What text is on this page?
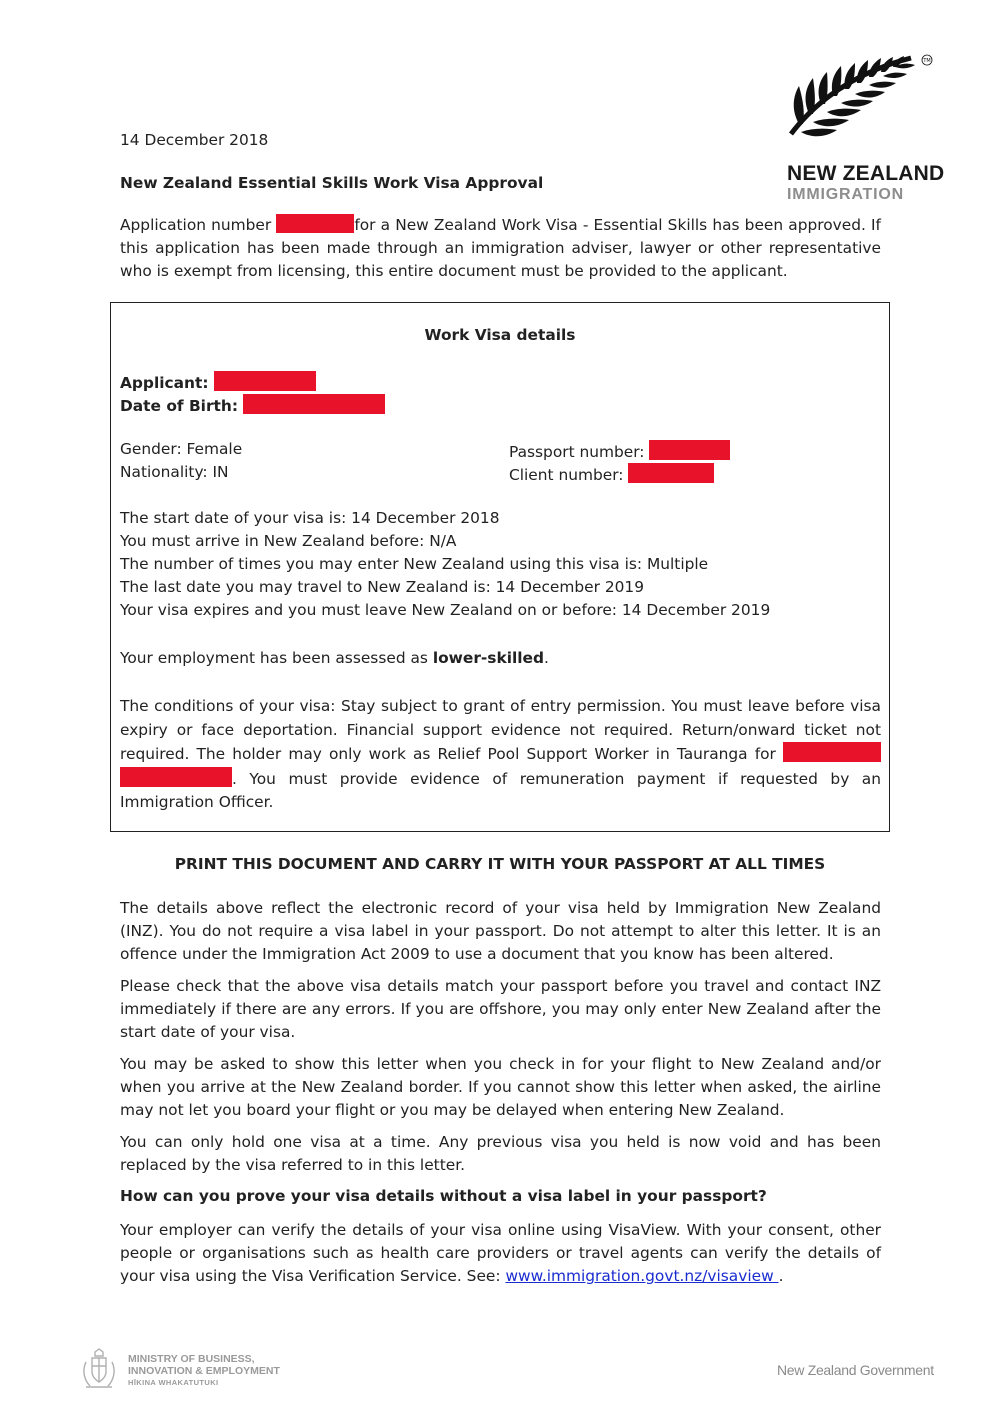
TM
NEW ZEALAND
IMMIGRATION
14 December 2018
New Zealand Essential Skills Work Visa Approval
Application number	for a New Zealand Work Visa - Essential Skills has been approved. If this application has been made through an immigration adviser, lawyer or other representative who is exempt from licensing, this entire document must be provided to the applicant.
Work Visa details
Applicant:
Date of Birth:
Gender: Female
Nationality: IN
Passport number:
Client number:
The start date of your visa is: 14 December 2018
You must arrive in New Zealand before: N/A
The number of times you may enter New Zealand using this visa is: Multiple
The last date you may travel to New Zealand is: 14 December 2019
Your visa expires and you must leave New Zealand on or before: 14 December 2019
Your employment has been assessed as lower-skilled.
The conditions of your visa: Stay subject to grant of entry permission. You must leave before visa expiry or face deportation. Financial support evidence not required. Return/onward ticket not required. The holder may only work as Relief Pool Support Worker in Tauranga for  . You must provide evidence of remuneration payment if requested by an Immigration Officer.
PRINT THIS DOCUMENT AND CARRY IT WITH YOUR PASSPORT AT ALL TIMES
The details above reflect the electronic record of your visa held by Immigration New Zealand (INZ). You do not require a visa label in your passport. Do not attempt to alter this letter. It is an offence under the Immigration Act 2009 to use a document that you know has been altered.
Please check that the above visa details match your passport before you travel and contact INZ immediately if there are any errors. If you are offshore, you may only enter New Zealand after the start date of your visa.
You may be asked to show this letter when you check in for your flight to New Zealand and/or when you arrive at the New Zealand border. If you cannot show this letter when asked, the airline may not let you board your flight or you may be delayed when entering New Zealand.
You can only hold one visa at a time. Any previous visa you held is now void and has been replaced by the visa referred to in this letter.
How can you prove your visa details without a visa label in your passport?
Your employer can verify the details of your visa online using VisaView. With your consent, other people or organisations such as health care providers or travel agents can verify the details of your visa using the Visa Verification Service. See: www.immigration.govt.nz/visaview .
MINISTRY OF BUSINESS,
INNOVATION & EMPLOYMENT
HĪKINA WHAKATUTUKI
New Zealand Government
